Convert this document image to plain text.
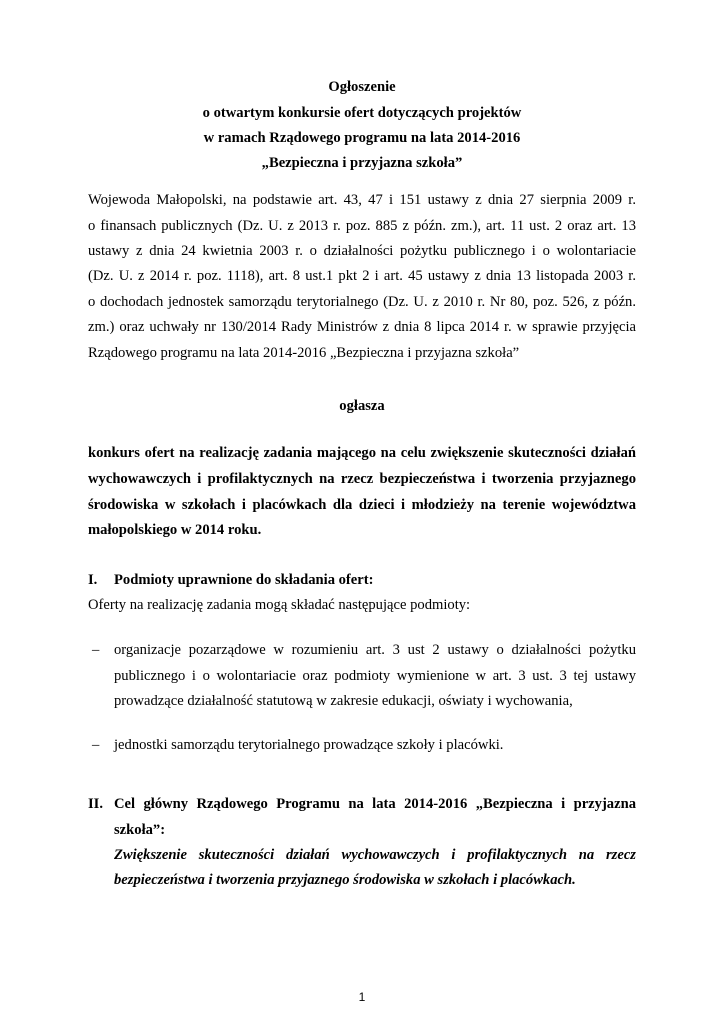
Ogłoszenie
o otwartym konkursie ofert dotyczących projektów
w ramach Rządowego programu na lata 2014-2016
„Bezpieczna i przyjazna szkoła”
Wojewoda Małopolski, na podstawie art. 43, 47 i 151 ustawy z dnia 27 sierpnia 2009 r.
o finansach publicznych (Dz. U. z 2013 r. poz. 885 z późn. zm.), art. 11 ust. 2 oraz art. 13
ustawy z dnia 24 kwietnia 2003 r. o działalności pożytku publicznego i o wolontariacie
(Dz. U. z 2014 r. poz. 1118), art. 8 ust.1 pkt 2 i art. 45 ustawy z dnia 13 listopada 2003 r.
o dochodach jednostek samorządu terytorialnego (Dz. U. z 2010 r. Nr 80, poz. 526, z późn.
zm.) oraz uchwały nr 130/2014 Rady Ministrów z dnia 8 lipca 2014 r. w sprawie przyjęcia
Rządowego programu na lata 2014-2016 „Bezpieczna i przyjazna szkoła”
ogłasza
konkurs ofert na realizację zadania mającego na celu zwiększenie skuteczności działań
wychowawczych i profilaktycznych na rzecz bezpieczeństwa i tworzenia przyjaznego
środowiska w szkołach i placówkach dla dzieci i młodzieży na terenie województwa
małopolskiego w 2014 roku.
I. Podmioty uprawnione do składania ofert:
Oferty na realizację zadania mogą składać następujące podmioty:
– organizacje pozarządowe w rozumieniu art. 3 ust 2 ustawy o działalności pożytku
publicznego i o wolontariacie oraz podmioty wymienione w art. 3 ust. 3 tej ustawy
prowadzące działalność statutową w zakresie edukacji, oświaty i wychowania,
– jednostki samorządu terytorialnego prowadzące szkoły i placówki.
II. Cel główny Rządowego Programu na lata 2014-2016 „Bezpieczna i przyjazna
szkoła”:
Zwiększenie skuteczności działań wychowawczych i profilaktycznych na rzecz
bezpieczeństwa i tworzenia przyjaznego środowiska w szkołach i placówkach.
1
